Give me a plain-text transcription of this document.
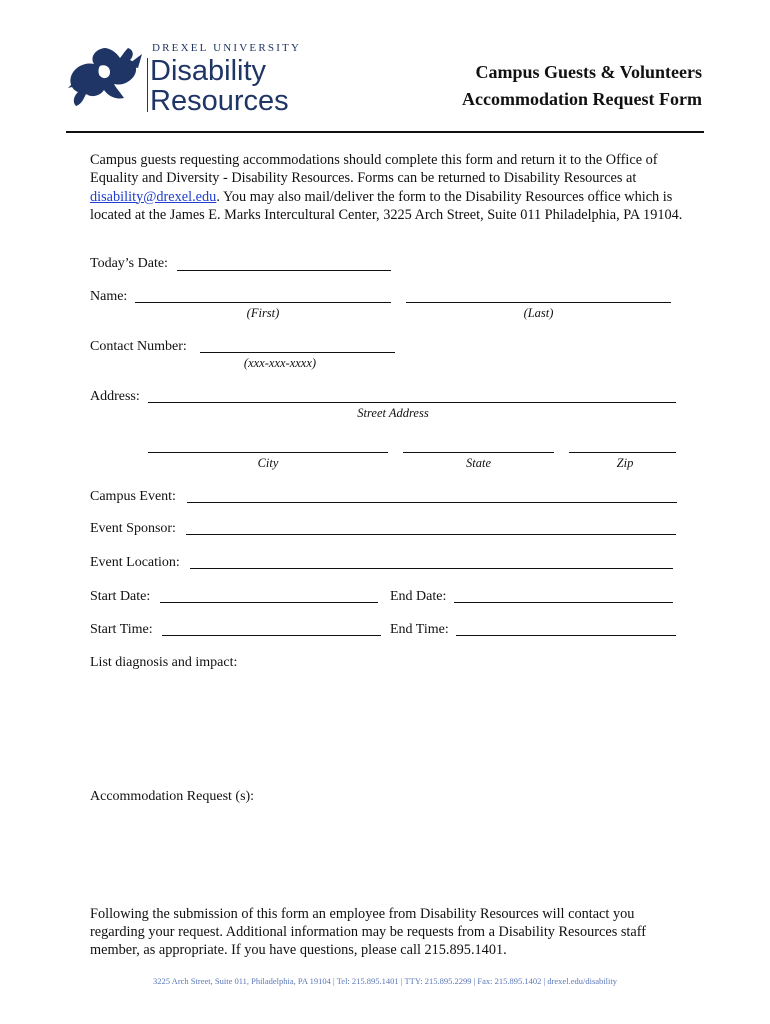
DREXEL UNIVERSITY
Disability
Resources
Campus Guests & Volunteers
Accommodation Request Form
Campus guests requesting accommodations should complete this form and return it to the Office of Equality and Diversity - Disability Resources. Forms can be returned to Disability Resources at disability@drexel.edu. You may also mail/deliver the form to the Disability Resources office which is located at the James E. Marks Intercultural Center, 3225 Arch Street, Suite 011 Philadelphia, PA 19104.
Today’s Date:
Name:
(First)	(Last)
Contact Number:
(xxx-xxx-xxxx)
Address:
Street Address
City	State	Zip
Campus Event:
Event Sponsor:
Event Location:
Start Date:	End Date:
Start Time:	End Time:
List diagnosis and impact:
Accommodation Request (s):
Following the submission of this form an employee from Disability Resources will contact you regarding your request. Additional information may be requests from a Disability Resources staff member, as appropriate. If you have questions, please call 215.895.1401.
3225 Arch Street, Suite 011, Philadelphia, PA 19104 | Tel: 215.895.1401 | TTY: 215.895.2299 | Fax: 215.895.1402 | drexel.edu/disability
